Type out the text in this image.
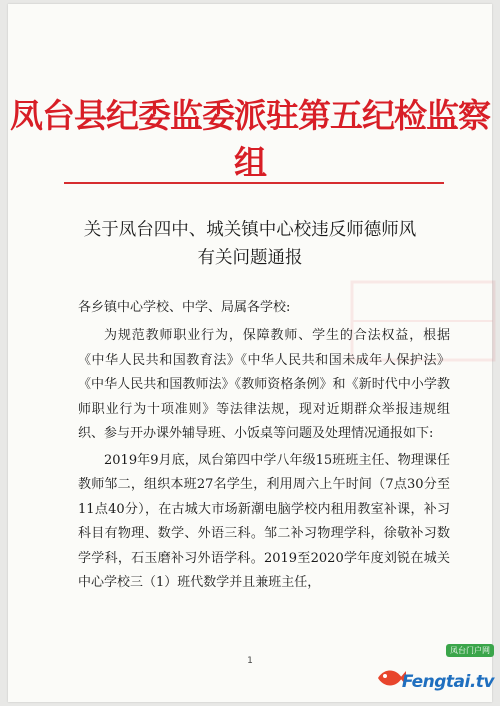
凤台县纪委监委派驻第五纪检监察组
关于凤台四中、城关镇中心校违反师德师风
有关问题通报
各乡镇中心学校、中学、局属各学校:

为规范教师职业行为，保障教师、学生的合法权益，根据《中华人民共和国教育法》《中华人民共和国未成年人保护法》《中华人民共和国教师法》《教师资格条例》和《新时代中小学教师职业行为十项准则》等法律法规，现对近期群众举报违规组织、参与开办课外辅导班、小饭桌等问题及处理情况通报如下:

2019年9月底，凤台第四中学八年级15班班主任、物理课任教师邹二，组织本班27名学生，利用周六上午时间（7点30分至11点40分），在古城大市场新潮电脑学校内租用教室补课，补习科目有物理、数学、外语三科。邹二补习物理学科，徐敬补习数学学科，石玉磨补习外语学科。2019至2020学年度刘锐在城关中心学校三（1）班代数学并且兼班主任，

1
凤台门户网
Fengtai.tv
